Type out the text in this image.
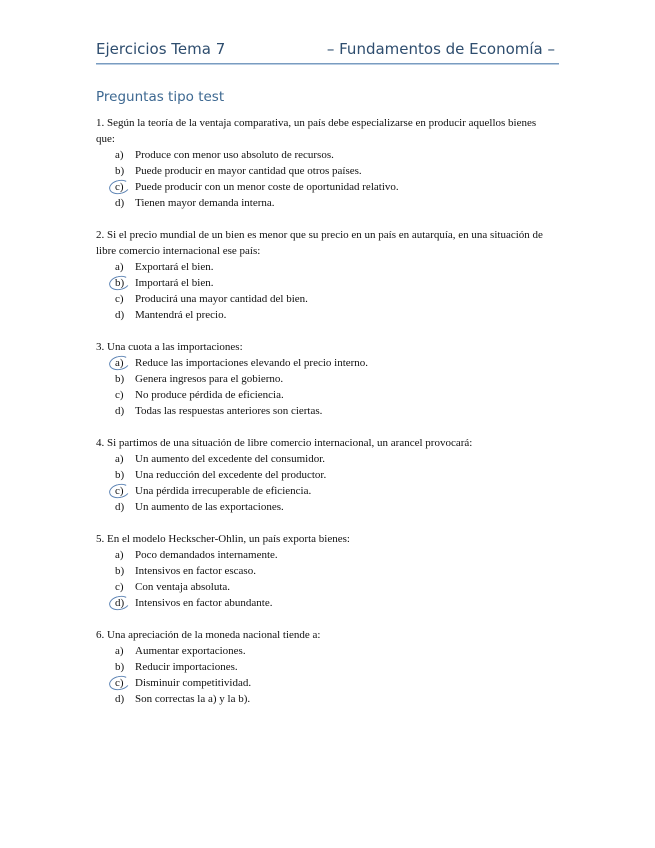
Ejercicios Tema 7	– Fundamentos de Economía –
Preguntas tipo test

1. Según la teoría de la ventaja comparativa, un país debe especializarse en producir aquellos bienes que:

a)	Produce con menor uso absoluto de recursos.
b) Puede producir en mayor cantidad que otros países.
c)	Puede producir con un menor coste de oportunidad relativo.
d) Tienen mayor demanda interna.

2. Si el precio mundial de un bien es menor que su precio en un país en autarquía, en una situación de libre comercio internacional ese país:

a)	Exportará el bien.
b) Importará el bien.
c)	Producirá una mayor cantidad del bien.
d) Mantendrá el precio.

3. Una cuota a las importaciones:

a)	Reduce las importaciones elevando el precio interno.
b) Genera ingresos para el gobierno.
c)	No produce pérdida de eficiencia.
d) Todas las respuestas anteriores son ciertas.

4. Si partimos de una situación de libre comercio internacional, un arancel provocará:

a)	Un aumento del excedente del consumidor.
b) Una reducción del excedente del productor.
c)	Una pérdida irrecuperable de eficiencia.
d) Un aumento de las exportaciones.

5. En el modelo Heckscher-Ohlin, un país exporta bienes:

a)	Poco demandados internamente.
b) Intensivos en factor escaso.
c)	Con ventaja absoluta.
d) Intensivos en factor abundante.

6. Una apreciación de la moneda nacional tiende a:

a)	Aumentar exportaciones.
b) Reducir importaciones.
c)	Disminuir competitividad.
d) Son correctas la a) y la b).
